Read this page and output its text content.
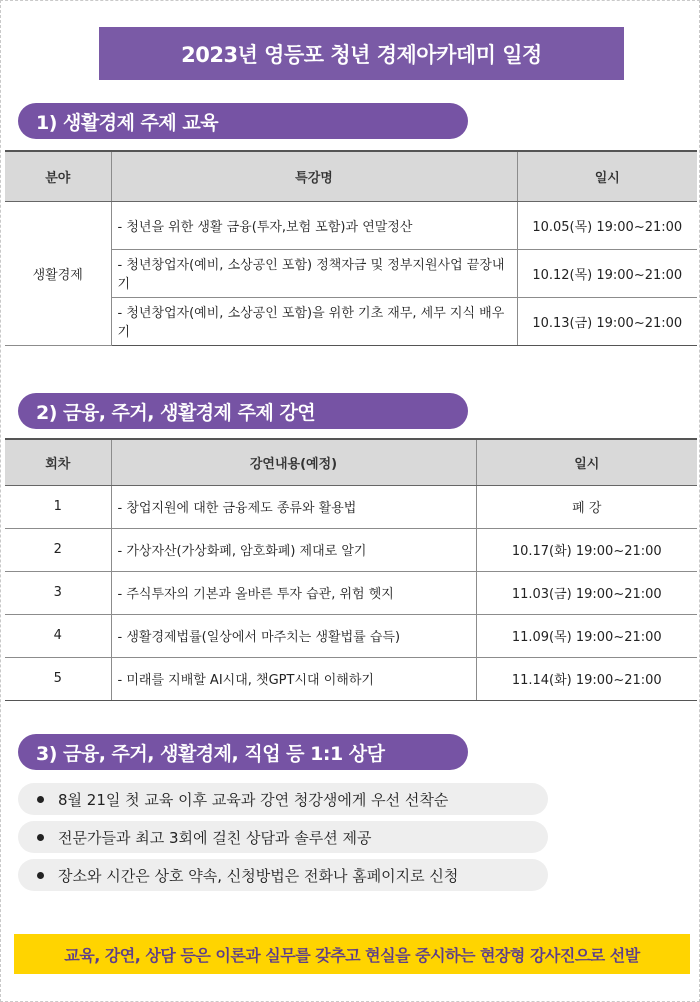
2023년 영등포 청년 경제아카데미 일정
1) 생활경제 주제 교육
분야	특강명	일시
생활경제	- 청년을 위한 생활 금융(투자,보험 포함)과 연말정산	10.05(목) 19:00~21:00
	- 청년창업자(예비, 소상공인 포함) 정책자금 및 정부지원사업 끝장내기	10.12(목) 19:00~21:00
	- 청년창업자(예비, 소상공인 포함)을 위한 기초 재무, 세무 지식 배우기	10.13(금) 19:00~21:00
2) 금융, 주거, 생활경제 주제 강연
회차	강연내용(예정)	일시
1	- 창업지원에 대한 금융제도 종류와 활용법	폐 강
2	- 가상자산(가상화폐, 암호화폐) 제대로 알기	10.17(화) 19:00~21:00
3	- 주식투자의 기본과 올바른 투자 습관, 위험 헷지	11.03(금) 19:00~21:00
4	- 생활경제법률(일상에서 마주치는 생활법률 습득)	11.09(목) 19:00~21:00
5	- 미래를 지배할 AI시대, 챗GPT시대 이해하기	11.14(화) 19:00~21:00
3) 금융, 주거, 생활경제, 직업 등 1:1 상담
8월 21일 첫 교육 이후 교육과 강연 청강생에게 우선 선착순
전문가들과 최고 3회에 걸친 상담과 솔루션 제공
장소와 시간은 상호 약속, 신청방법은 전화나 홈페이지로 신청
교육, 강연, 상담 등은 이론과 실무를 갖추고 현실을 중시하는 현장형 강사진으로 선발
